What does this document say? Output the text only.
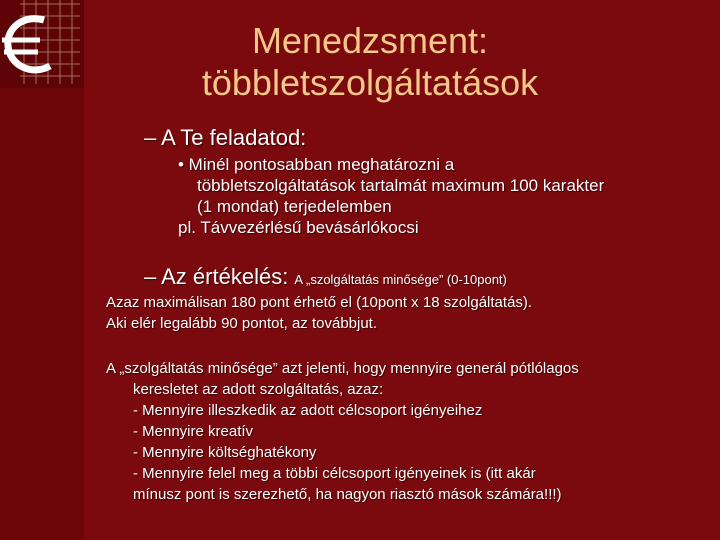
Menedzsment:
többletszolgáltatások
– A Te feladatod:
• Minél pontosabban meghatározni a
többletszolgáltatások tartalmát maximum 100 karakter
(1 mondat) terjedelemben
pl. Távvezérlésű bevásárlókocsi
– Az értékelés: A „szolgáltatás minősége” (0-10pont)
Azaz maximálisan 180 pont érhető el (10pont x 18 szolgáltatás).
Aki elér legalább 90 pontot, az továbbjut.
A „szolgáltatás minősége” azt jelenti, hogy mennyire generál pótlólagos
keresletet az adott szolgáltatás, azaz:
- Mennyire illeszkedik az adott célcsoport igényeihez
- Mennyire kreatív
- Mennyire költséghatékony
- Mennyire felel meg a többi célcsoport igényeinek is (itt akár
mínusz pont is szerezhető, ha nagyon riasztó mások számára!!!)
